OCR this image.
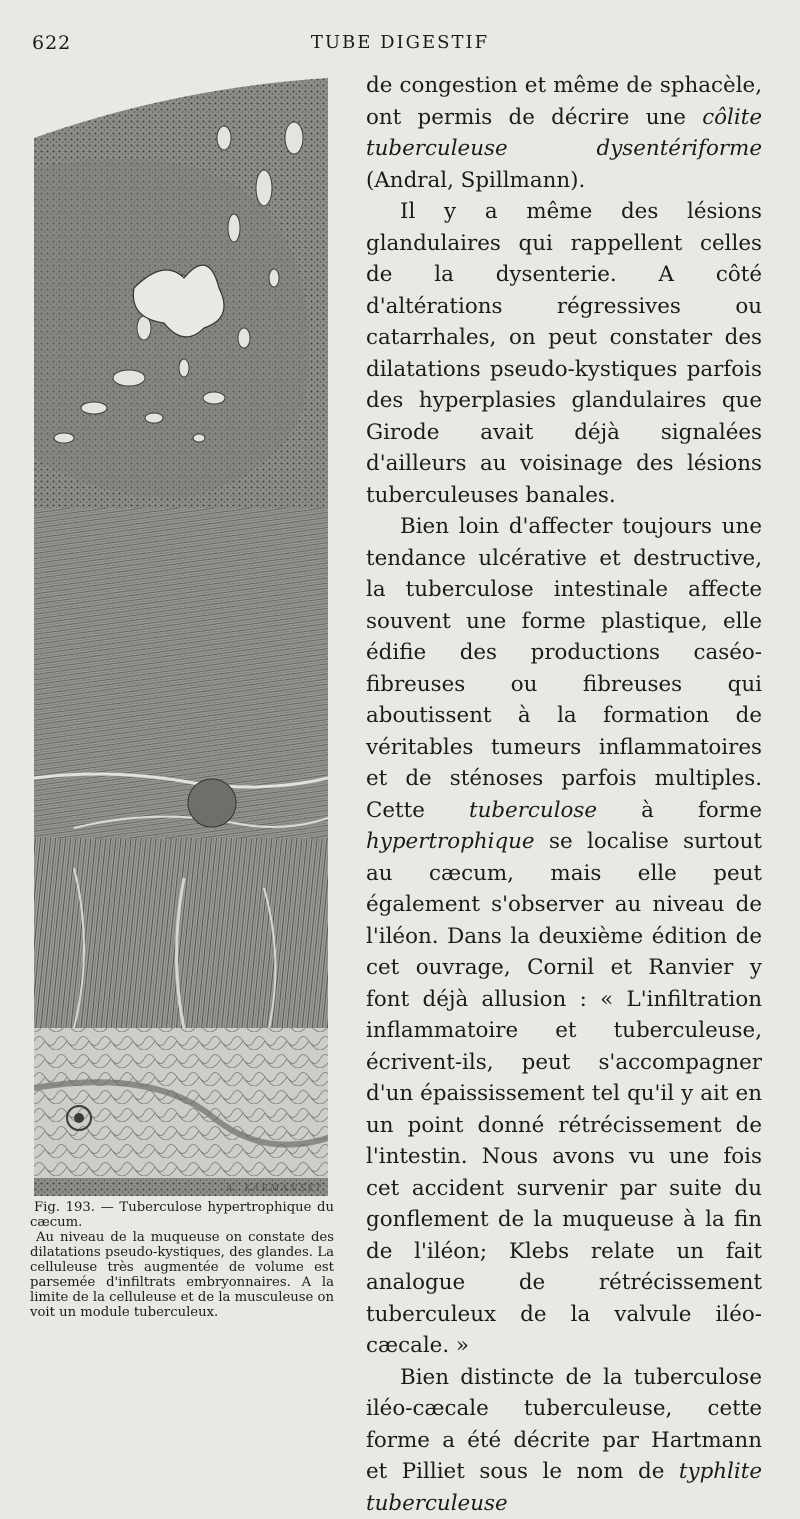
622	TUBE DIGESTIF
A. KARMANSKI
Fig. 193. — Tuberculose hypertrophique du cæcum.
Au niveau de la muqueuse on constate des dilatations pseudo-kystiques, des glandes. La celluleuse très augmentée de volume est parsemée d'infiltrats embryonnaires. A la limite de la celluleuse et de la musculeuse on voit un module tuberculeux.

de congestion et même de sphacèle, ont permis de décrire une côlite tuberculeuse dysentériforme (Andral, Spillmann).

Il y a même des lésions glandulaires qui rappellent celles de la dysenterie. A côté d'altérations régressives ou catarrhales, on peut constater des dilatations pseudo-kystiques parfois des hyperplasies glandulaires que Girode avait déjà signalées d'ailleurs au voisinage des lésions tuberculeuses banales.

Bien loin d'affecter toujours une tendance ulcérative et destructive, la tuberculose intestinale affecte souvent une forme plastique, elle édifie des productions caséo-fibreuses ou fibreuses qui aboutissent à la formation de véritables tumeurs inflammatoires et de sténoses parfois multiples. Cette tuberculose à forme hypertrophique se localise surtout au cæcum, mais elle peut également s'observer au niveau de l'iléon. Dans la deuxième édition de cet ouvrage, Cornil et Ranvier y font déjà allusion : « L'infiltration inflammatoire et tuberculeuse, écrivent-ils, peut s'accompagner d'un épaississement tel qu'il y ait en un point donné rétrécissement de l'intestin. Nous avons vu une fois cet accident survenir par suite du gonflement de la muqueuse à la fin de l'iléon; Klebs relate un fait analogue de rétrécissement tuberculeux de la valvule iléo-cæcale. »

Bien distincte de la tuberculose iléo-cæcale tuberculeuse, cette forme a été décrite par Hartmann et Pilliet sous le nom de typhlite tuberculeuse
